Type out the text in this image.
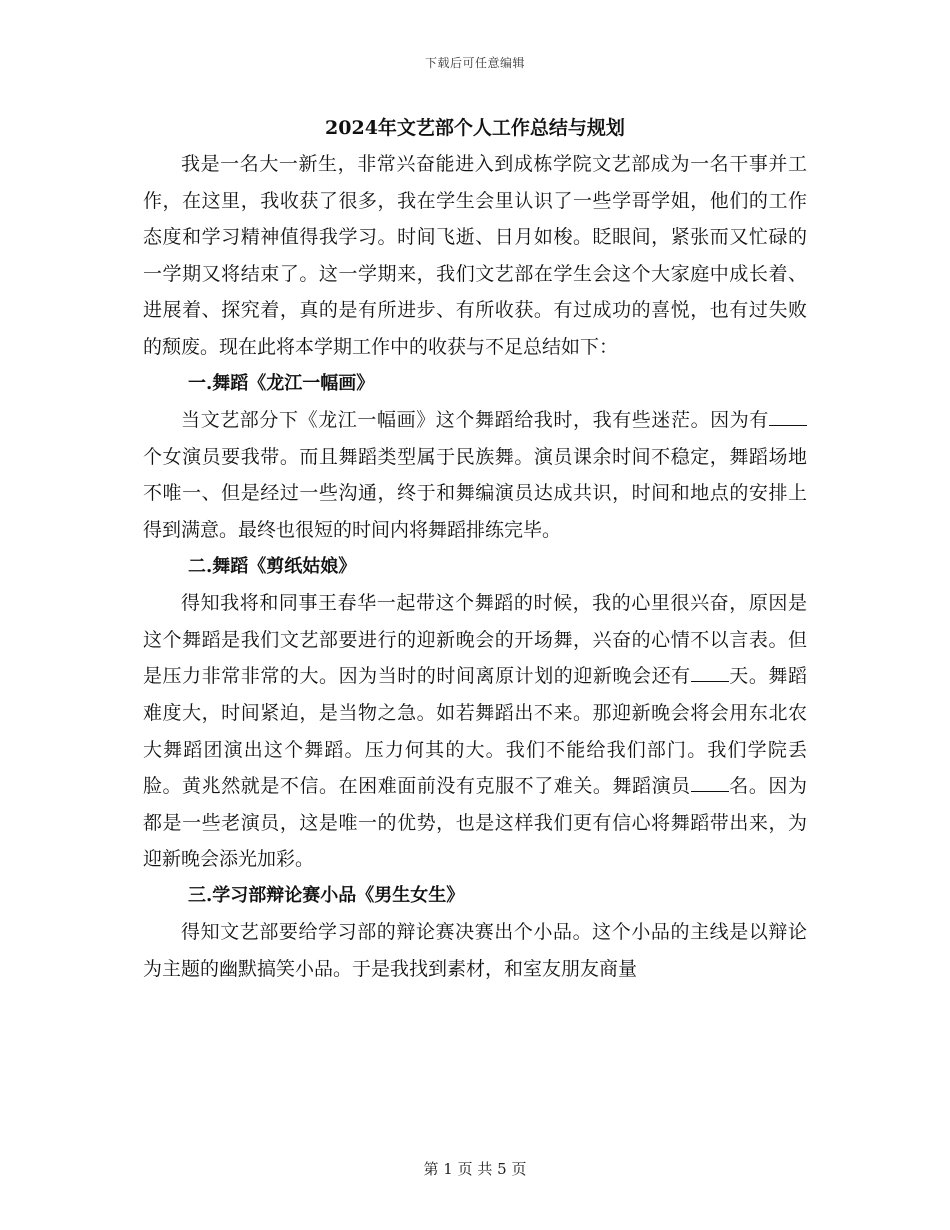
下载后可任意编辑
2024年文艺部个人工作总结与规划

我是一名大一新生，非常兴奋能进入到成栋学院文艺部成为一名干事并工作，在这里，我收获了很多，我在学生会里认识了一些学哥学姐，他们的工作态度和学习精神值得我学习。时间飞逝、日月如梭。眨眼间，紧张而又忙碌的一学期又将结束了。这一学期来，我们文艺部在学生会这个大家庭中成长着、进展着、探究着，真的是有所进步、有所收获。有过成功的喜悦，也有过失败的颓废。现在此将本学期工作中的收获与不足总结如下：

一.舞蹈《龙江一幅画》

当文艺部分下《龙江一幅画》这个舞蹈给我时，我有些迷茫。因为有个女演员要我带。而且舞蹈类型属于民族舞。演员课余时间不稳定，舞蹈场地不唯一、但是经过一些沟通，终于和舞编演员达成共识，时间和地点的安排上得到满意。最终也很短的时间内将舞蹈排练完毕。

二.舞蹈《剪纸姑娘》

得知我将和同事王春华一起带这个舞蹈的时候，我的心里很兴奋，原因是这个舞蹈是我们文艺部要进行的迎新晚会的开场舞，兴奋的心情不以言表。但是压力非常非常的大。因为当时的时间离原计划的迎新晚会还有 天。舞蹈难度大，时间紧迫，是当物之急。如若舞蹈出不来。那迎新晚会将会用东北农大舞蹈团演出这个舞蹈。压力何其的大。我们不能给我们部门。我们学院丢脸。黄兆然就是不信。在困难面前没有克服不了难关。舞蹈演员 名。因为都是一些老演员，这是唯一的优势，也是这样我们更有信心将舞蹈带出来，为迎新晚会添光加彩。

三.学习部辩论赛小品《男生女生》

得知文艺部要给学习部的辩论赛决赛出个小品。这个小品的主线是以辩论为主题的幽默搞笑小品。于是我找到素材，和室友朋友商量

第 1 页 共 5 页
